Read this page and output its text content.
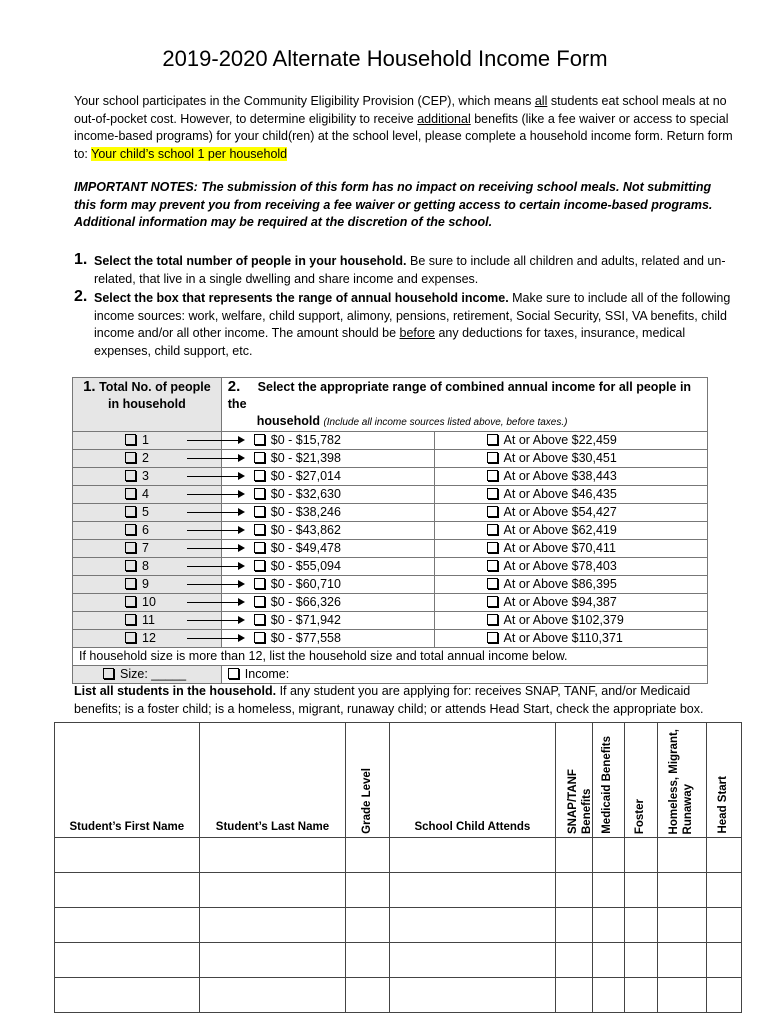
2019-2020 Alternate Household Income Form

Your school participates in the Community Eligibility Provision (CEP), which means all students eat school meals at no out-of-pocket cost. However, to determine eligibility to receive additional benefits (like a fee waiver or access to special income-based programs) for your child(ren) at the school level, please complete a household income form. Return form to: Your child’s school 1 per household

IMPORTANT NOTES: The submission of this form has no impact on receiving school meals. Not submitting this form may prevent you from receiving a fee waiver or getting access to certain income-based programs. Additional information may be required at the discretion of the school.

1. Select the total number of people in your household. Be sure to include all children and adults, related and un-related, that live in a single dwelling and share income and expenses.
2. Select the box that represents the range of annual household income. Make sure to include all of the following income sources: work, welfare, child support, alimony, pensions, retirement, Social Security, SSI, VA benefits, child income and/or all other income. The amount should be before any deductions for taxes, insurance, medical expenses, child support, etc.
1. Total No. of people
in household	2. Select the appropriate range of combined annual income for all people in the
household (Include all income sources listed above, before taxes.)	

1	$0 - $15,782	At or Above $22,459

2	$0 - $21,398	At or Above $30,451

3	$0 - $27,014	At or Above $38,443

4	$0 - $32,630	At or Above $46,435

5	$0 - $38,246	At or Above $54,427

6	$0 - $43,862	At or Above $62,419

7	$0 - $49,478	At or Above $70,411

8	$0 - $55,094	At or Above $78,403

9	$0 - $60,710	At or Above $86,395

10	$0 - $66,326	At or Above $94,387

11	$0 - $71,942	At or Above $102,379

12	$0 - $77,558	At or Above $110,371
If household size is more than 12, list the household size and total annual income below.		
Size: _____	Income:	

List all students in the household. If any student you are applying for: receives SNAP, TANF, and/or Medicaid benefits; is a foster child; is a homeless, migrant, runaway child; or attends Head Start, check the appropriate box.

Student’s First Name	Student’s Last Name	Grade Level	School Child Attends	SNAP/TANF Benefits	Medicaid Benefits	Foster	Homeless, Migrant, Runaway	Head Start
